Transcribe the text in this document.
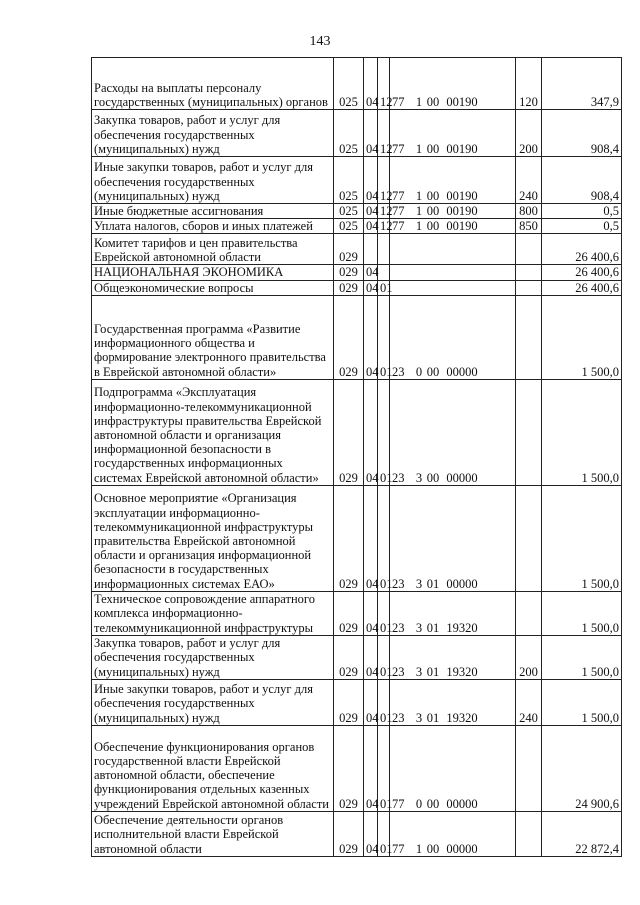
143
Расходы на выплаты персоналу государственных (муниципальных) органов	025	04	12	77 1 00 00190	120	347,9
Закупка товаров, работ и услуг для обеспечения государственных (муниципальных) нужд	025	04	12	77 1 00 00190	200	908,4
Иные закупки товаров, работ и услуг для обеспечения государственных (муниципальных) нужд	025	04	12	77 1 00 00190	240	908,4
Иные бюджетные ассигнования	025	04	12	77 1 00 00190	800	0,5
Уплата налогов, сборов и иных платежей	025	04	12	77 1 00 00190	850	0,5
Комитет тарифов и цен правительства Еврейской автономной области	029					26 400,6
НАЦИОНАЛЬНАЯ ЭКОНОМИКА	029	04				26 400,6
Общеэкономические вопросы	029	04	01			26 400,6
Государственная программа «Развитие информационного общества и формирование электронного правительства в Еврейской автономной области»	029	04	01	23 0 00 00000		1 500,0
Подпрограмма «Эксплуатация информационно-телекоммуникационной инфраструктуры правительства Еврейской автономной области и организация информационной безопасности в государственных информационных системах Еврейской автономной области»	029	04	01	23 3 00 00000		1 500,0
Основное мероприятие «Организация эксплуатации информационно-телекоммуникационной инфраструктуры правительства Еврейской автономной области и организация информационной безопасности в государственных информационных системах ЕАО»	029	04	01	23 3 01 00000		1 500,0
Техническое сопровождение аппаратного комплекса информационно-телекоммуникационной инфраструктуры	029	04	01	23 3 01 19320		1 500,0
Закупка товаров, работ и услуг для обеспечения государственных (муниципальных) нужд	029	04	01	23 3 01 19320	200	1 500,0
Иные закупки товаров, работ и услуг для обеспечения государственных (муниципальных) нужд	029	04	01	23 3 01 19320	240	1 500,0
Обеспечение функционирования органов государственной власти Еврейской автономной области, обеспечение функционирования отдельных казенных учреждений Еврейской автономной области	029	04	01	77 0 00 00000		24 900,6
Обеспечение деятельности органов исполнительной власти Еврейской автономной области	029	04	01	77 1 00 00000		22 872,4
